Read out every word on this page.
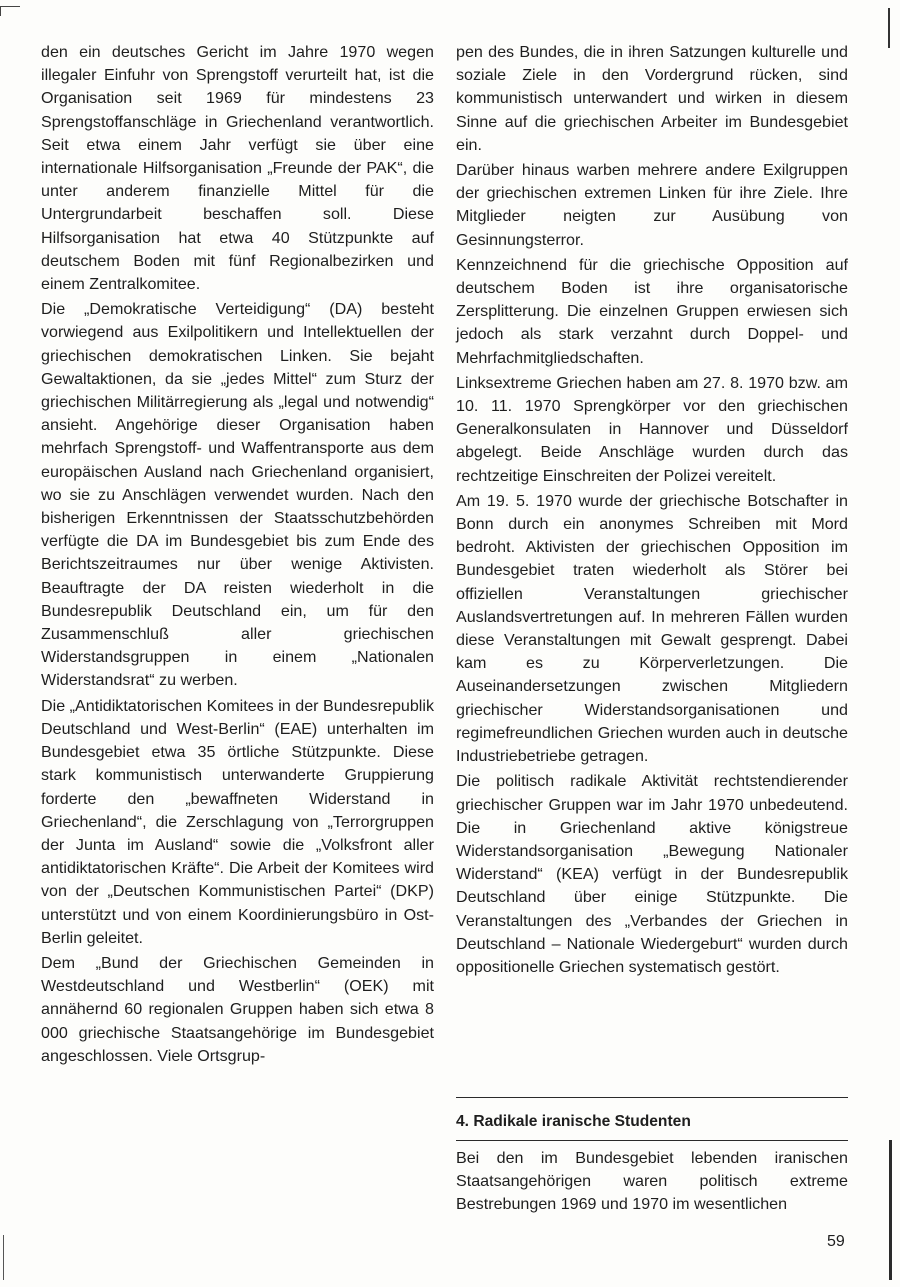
den ein deutsches Gericht im Jahre 1970 wegen illegaler Einfuhr von Sprengstoff verurteilt hat, ist die Organisation seit 1969 für mindestens 23 Sprengstoffanschläge in Griechenland verantwortlich. Seit etwa einem Jahr verfügt sie über eine internationale Hilfsorganisation „Freunde der PAK“, die unter anderem finanzielle Mittel für die Untergrundarbeit beschaffen soll. Diese Hilfsorganisation hat etwa 40 Stützpunkte auf deutschem Boden mit fünf Regionalbezirken und einem Zentralkomitee.

Die „Demokratische Verteidigung“ (DA) besteht vorwiegend aus Exilpolitikern und Intellektuellen der griechischen demokratischen Linken. Sie bejaht Gewaltaktionen, da sie „jedes Mittel“ zum Sturz der griechischen Militärregierung als „legal und notwendig“ ansieht. Angehörige dieser Organisation haben mehrfach Sprengstoff- und Waffentransporte aus dem europäischen Ausland nach Griechenland organisiert, wo sie zu Anschlägen verwendet wurden. Nach den bisherigen Erkenntnissen der Staatsschutzbehörden verfügte die DA im Bundesgebiet bis zum Ende des Berichtszeitraumes nur über wenige Aktivisten. Beauftragte der DA reisten wiederholt in die Bundesrepublik Deutschland ein, um für den Zusammenschluß aller griechischen Widerstandsgruppen in einem „Nationalen Widerstandsrat“ zu werben.

Die „Antidiktatorischen Komitees in der Bundesrepublik Deutschland und West-Berlin“ (EAE) unterhalten im Bundesgebiet etwa 35 örtliche Stützpunkte. Diese stark kommunistisch unterwanderte Gruppierung forderte den „bewaffneten Widerstand in Griechenland“, die Zerschlagung von „Terrorgruppen der Junta im Ausland“ sowie die „Volksfront aller antidiktatorischen Kräfte“. Die Arbeit der Komitees wird von der „Deutschen Kommunistischen Partei“ (DKP) unterstützt und von einem Koordinierungsbüro in Ost-Berlin geleitet.

Dem „Bund der Griechischen Gemeinden in Westdeutschland und Westberlin“ (OEK) mit annähernd 60 regionalen Gruppen haben sich etwa 8 000 griechische Staatsangehörige im Bundesgebiet angeschlossen. Viele Ortsgrup-

pen des Bundes, die in ihren Satzungen kulturelle und soziale Ziele in den Vordergrund rücken, sind kommunistisch unterwandert und wirken in diesem Sinne auf die griechischen Arbeiter im Bundesgebiet ein.

Darüber hinaus warben mehrere andere Exilgruppen der griechischen extremen Linken für ihre Ziele. Ihre Mitglieder neigten zur Ausübung von Gesinnungsterror.

Kennzeichnend für die griechische Opposition auf deutschem Boden ist ihre organisatorische Zersplitterung. Die einzelnen Gruppen erwiesen sich jedoch als stark verzahnt durch Doppel- und Mehrfachmitgliedschaften.

Linksextreme Griechen haben am 27. 8. 1970 bzw. am 10. 11. 1970 Sprengkörper vor den griechischen Generalkonsulaten in Hannover und Düsseldorf abgelegt. Beide Anschläge wurden durch das rechtzeitige Einschreiten der Polizei vereitelt.

Am 19. 5. 1970 wurde der griechische Botschafter in Bonn durch ein anonymes Schreiben mit Mord bedroht. Aktivisten der griechischen Opposition im Bundesgebiet traten wiederholt als Störer bei offiziellen Veranstaltungen griechischer Auslandsvertretungen auf. In mehreren Fällen wurden diese Veranstaltungen mit Gewalt gesprengt. Dabei kam es zu Körperverletzungen. Die Auseinandersetzungen zwischen Mitgliedern griechischer Widerstandsorganisationen und regimefreundlichen Griechen wurden auch in deutsche Industriebetriebe getragen.

Die politisch radikale Aktivität rechtstendierender griechischer Gruppen war im Jahr 1970 unbedeutend. Die in Griechenland aktive königstreue Widerstandsorganisation „Bewegung Nationaler Widerstand“ (KEA) verfügt in der Bundesrepublik Deutschland über einige Stützpunkte. Die Veranstaltungen des „Verbandes der Griechen in Deutschland – Nationale Wiedergeburt“ wurden durch oppositionelle Griechen systematisch gestört.

4. Radikale iranische Studenten

Bei den im Bundesgebiet lebenden iranischen Staatsangehörigen waren politisch extreme Bestrebungen 1969 und 1970 im wesentlichen

59
